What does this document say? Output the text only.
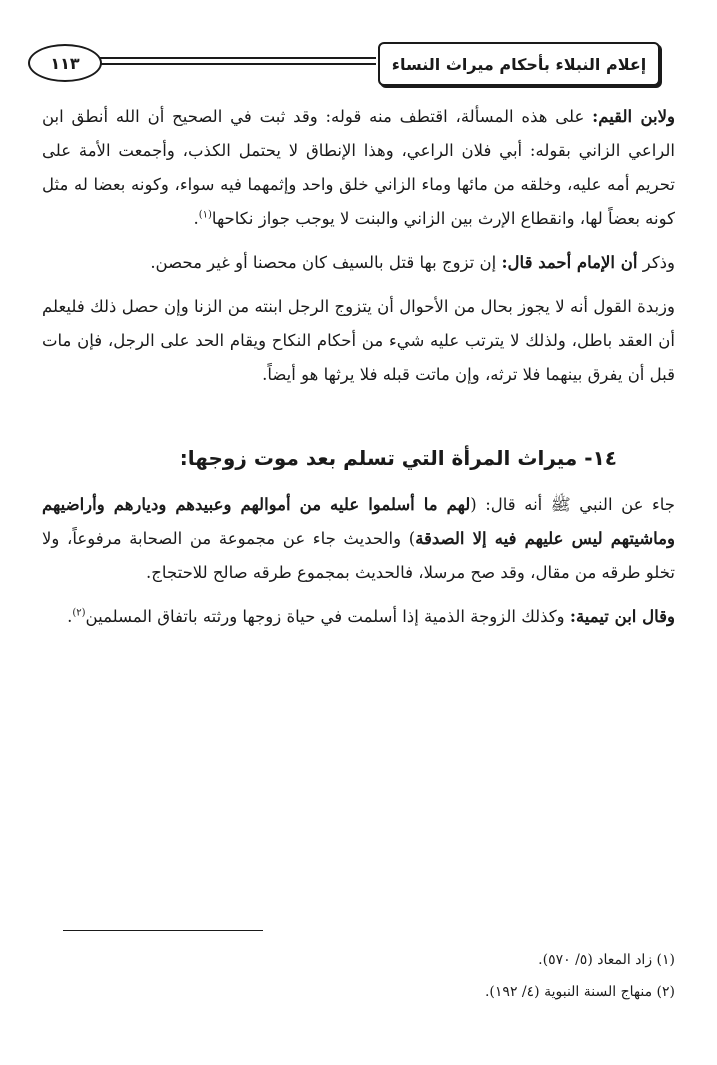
إعلام النبلاء بأحكام ميراث النساء
١١٣

ولابن القيم: على هذه المسألة، اقتطف منه قوله: وقد ثبت في الصحيح أن الله أنطق ابن الراعي الزاني بقوله: أبي فلان الراعي، وهذا الإنطاق لا يحتمل الكذب، وأجمعت الأمة على تحريم أمه عليه، وخلقه من مائها وماء الزاني خلق واحد وإثمهما فيه سواء، وكونه بعضا له مثل كونه بعضاً لها، وانقطاع الإرث بين الزاني والبنت لا يوجب جواز نكاحها$^{(١)}$.

وذكر أن الإمام أحمد قال: إن تزوج بها قتل بالسيف كان محصنا أو غير محصن.

وزبدة القول أنه لا يجوز بحال من الأحوال أن يتزوج الرجل ابنته من الزنا وإن حصل ذلك فليعلم أن العقد باطل، ولذلك لا يترتب عليه شيء من أحكام النكاح ويقام الحد على الرجل، فإن مات قبل أن يفرق بينهما فلا ترثه، وإن ماتت قبله فلا يرثها هو أيضاً.

١٤- ميراث المرأة التي تسلم بعد موت زوجها:

جاء عن النبي ﷺ أنه قال: (لهم ما أسلموا عليه من أموالهم وعبيدهم وديارهم وأراضيهم وماشيتهم ليس عليهم فيه إلا الصدقة) والحديث جاء عن مجموعة من الصحابة مرفوعاً، ولا تخلو طرقه من مقال، وقد صح مرسلا، فالحديث بمجموع طرقه صالح للاحتجاج.

وقال ابن تيمية: وكذلك الزوجة الذمية إذا أسلمت في حياة زوجها ورثته باتفاق المسلمين$^{(٢)}$.

(١) زاد المعاد (٥/ ٥٧٠).
(٢) منهاج السنة النبوية (٤/ ١٩٢).
